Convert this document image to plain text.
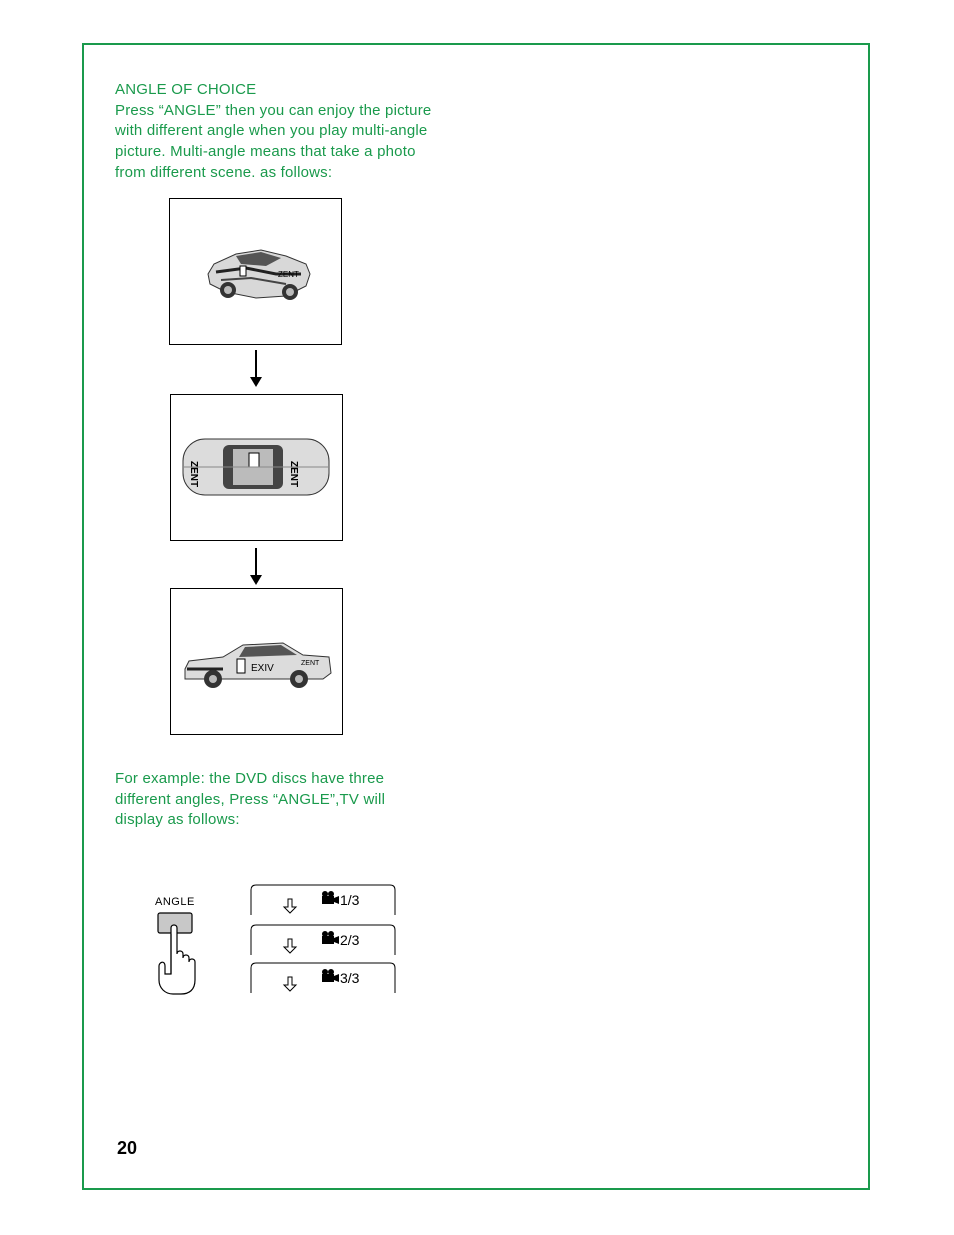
ANGLE OF CHOICE
Press “ANGLE” then you can enjoy the picture
with different angle when you play multi-angle
picture. Multi-angle means that take a photo
from different scene. as follows:
ZENT
ZENT	ZENT
EXIV	ZENT
For example: the DVD discs have three
different angles, Press “ANGLE”,TV will
display as follows:
ANGLE	1/3
2/3
3/3
20
